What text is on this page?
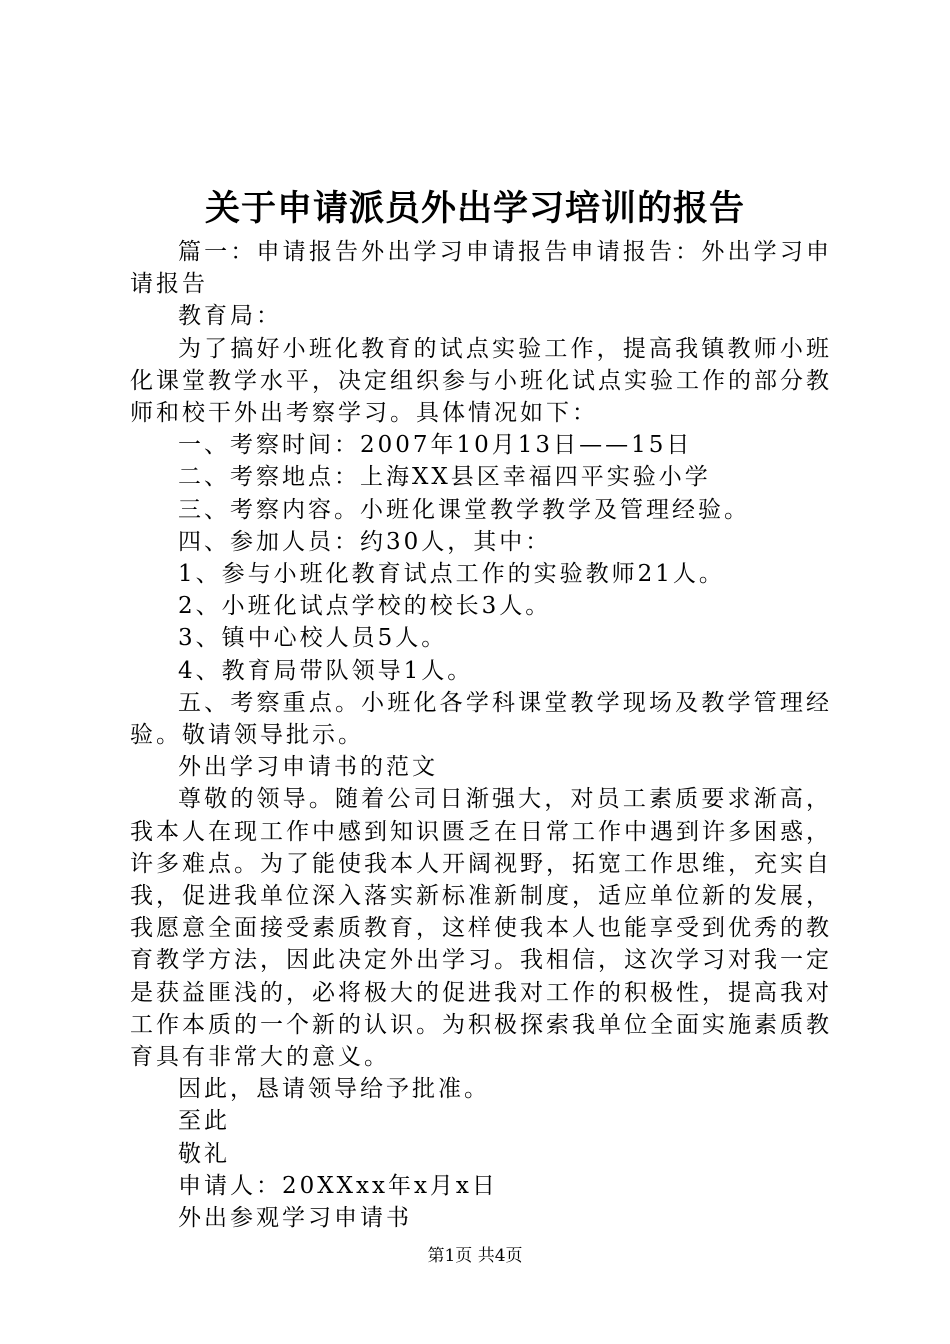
关于申请派员外出学习培训的报告

篇一：申请报告外出学习申请报告申请报告：外出学习申请报告

教育局：

为了搞好小班化教育的试点实验工作，提高我镇教师小班化课堂教学水平，决定组织参与小班化试点实验工作的部分教师和校干外出考察学习。具体情况如下：

一、考察时间：2007年10月13日——15日

二、考察地点：上海XX县区幸福四平实验小学

三、考察内容。小班化课堂教学教学及管理经验。

四、参加人员：约30人，其中：

1、参与小班化教育试点工作的实验教师21人。

2、小班化试点学校的校长3人。

3、镇中心校人员5人。

4、教育局带队领导1人。

五、考察重点。小班化各学科课堂教学现场及教学管理经验。敬请领导批示。

外出学习申请书的范文

尊敬的领导。随着公司日渐强大，对员工素质要求渐高，我本人在现工作中感到知识匮乏在日常工作中遇到许多困惑，许多难点。为了能使我本人开阔视野，拓宽工作思维，充实自我，促进我单位深入落实新标准新制度，适应单位新的发展，我愿意全面接受素质教育，这样使我本人也能享受到优秀的教育教学方法，因此决定外出学习。我相信，这次学习对我一定是获益匪浅的，必将极大的促进我对工作的积极性，提高我对工作本质的一个新的认识。为积极探索我单位全面实施素质教育具有非常大的意义。

因此，恳请领导给予批准。

至此

敬礼

申请人：20XXxx年x月x日

外出参观学习申请书

第1页 共4页
